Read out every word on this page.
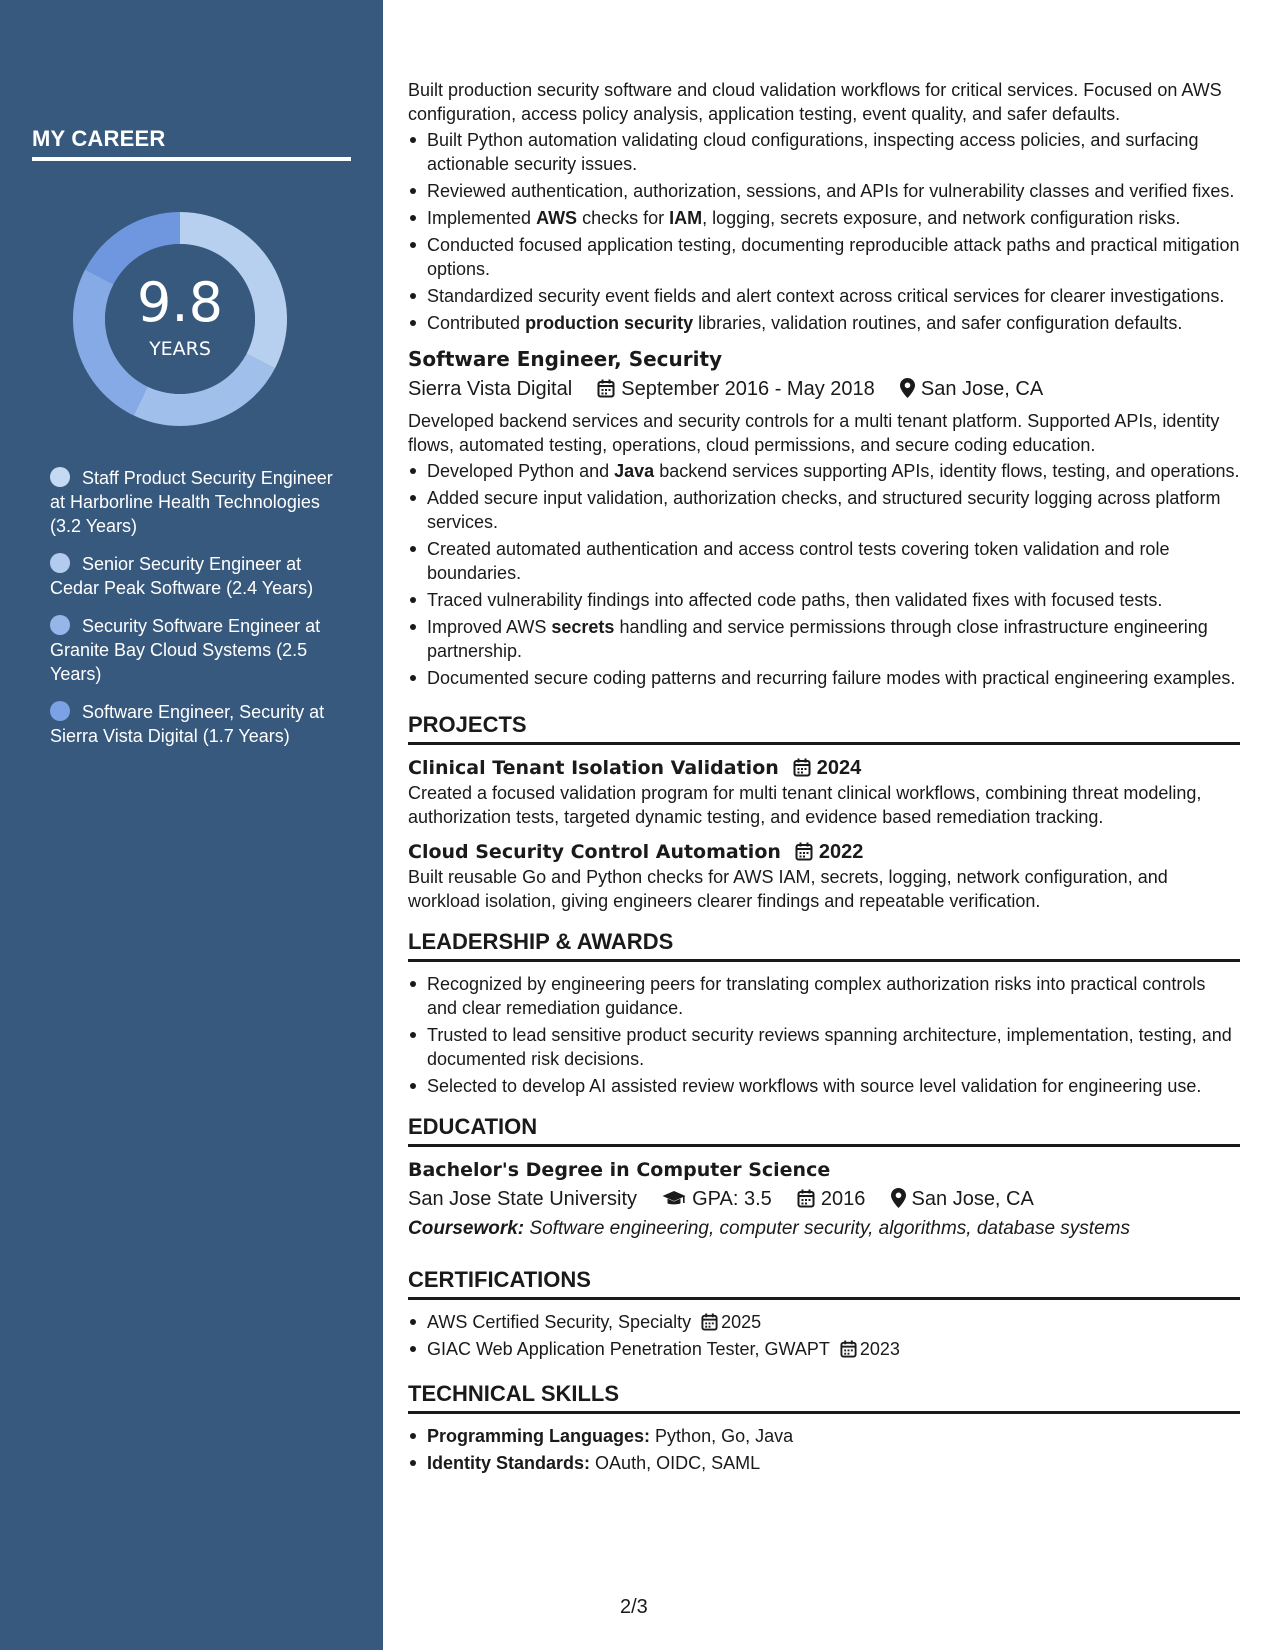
MY CAREER
9.8
YEARS
Staff Product Security Engineer at Harborline Health Technologies (3.2 Years)
Senior Security Engineer at Cedar Peak Software (2.4 Years)
Security Software Engineer at Granite Bay Cloud Systems (2.5 Years)
Software Engineer, Security at Sierra Vista Digital (1.7 Years)
Built production security software and cloud validation workflows for critical services. Focused on AWS configuration, access policy analysis, application testing, event quality, and safer defaults.
Built Python automation validating cloud configurations, inspecting access policies, and surfacing actionable security issues.
Reviewed authentication, authorization, sessions, and APIs for vulnerability classes and verified fixes.
Implemented AWS checks for IAM, logging, secrets exposure, and network configuration risks.
Conducted focused application testing, documenting reproducible attack paths and practical mitigation options.
Standardized security event fields and alert context across critical services for clearer investigations.
Contributed production security libraries, validation routines, and safer configuration defaults.
Software Engineer, Security
Sierra Vista Digital September 2016 - May 2018 San Jose, CA
Developed backend services and security controls for a multi tenant platform. Supported APIs, identity flows, automated testing, operations, cloud permissions, and secure coding education.
Developed Python and Java backend services supporting APIs, identity flows, testing, and operations.
Added secure input validation, authorization checks, and structured security logging across platform services.
Created automated authentication and access control tests covering token validation and role boundaries.
Traced vulnerability findings into affected code paths, then validated fixes with focused tests.
Improved AWS secrets handling and service permissions through close infrastructure engineering partnership.
Documented secure coding patterns and recurring failure modes with practical engineering examples.
PROJECTS
Clinical Tenant Isolation Validation 2024
Created a focused validation program for multi tenant clinical workflows, combining threat modeling, authorization tests, targeted dynamic testing, and evidence based remediation tracking.
Cloud Security Control Automation 2022
Built reusable Go and Python checks for AWS IAM, secrets, logging, network configuration, and workload isolation, giving engineers clearer findings and repeatable verification.
LEADERSHIP & AWARDS
Recognized by engineering peers for translating complex authorization risks into practical controls and clear remediation guidance.
Trusted to lead sensitive product security reviews spanning architecture, implementation, testing, and documented risk decisions.
Selected to develop AI assisted review workflows with source level validation for engineering use.
EDUCATION
Bachelor's Degree in Computer Science
San Jose State University	GPA: 3.5 2016 San Jose, CA
Coursework: Software engineering, computer security, algorithms, database systems
CERTIFICATIONS
AWS Certified Security, Specialty 2025
GIAC Web Application Penetration Tester, GWAPT 2023
TECHNICAL SKILLS
Programming Languages: Python, Go, Java
Identity Standards: OAuth, OIDC, SAML
2/3
